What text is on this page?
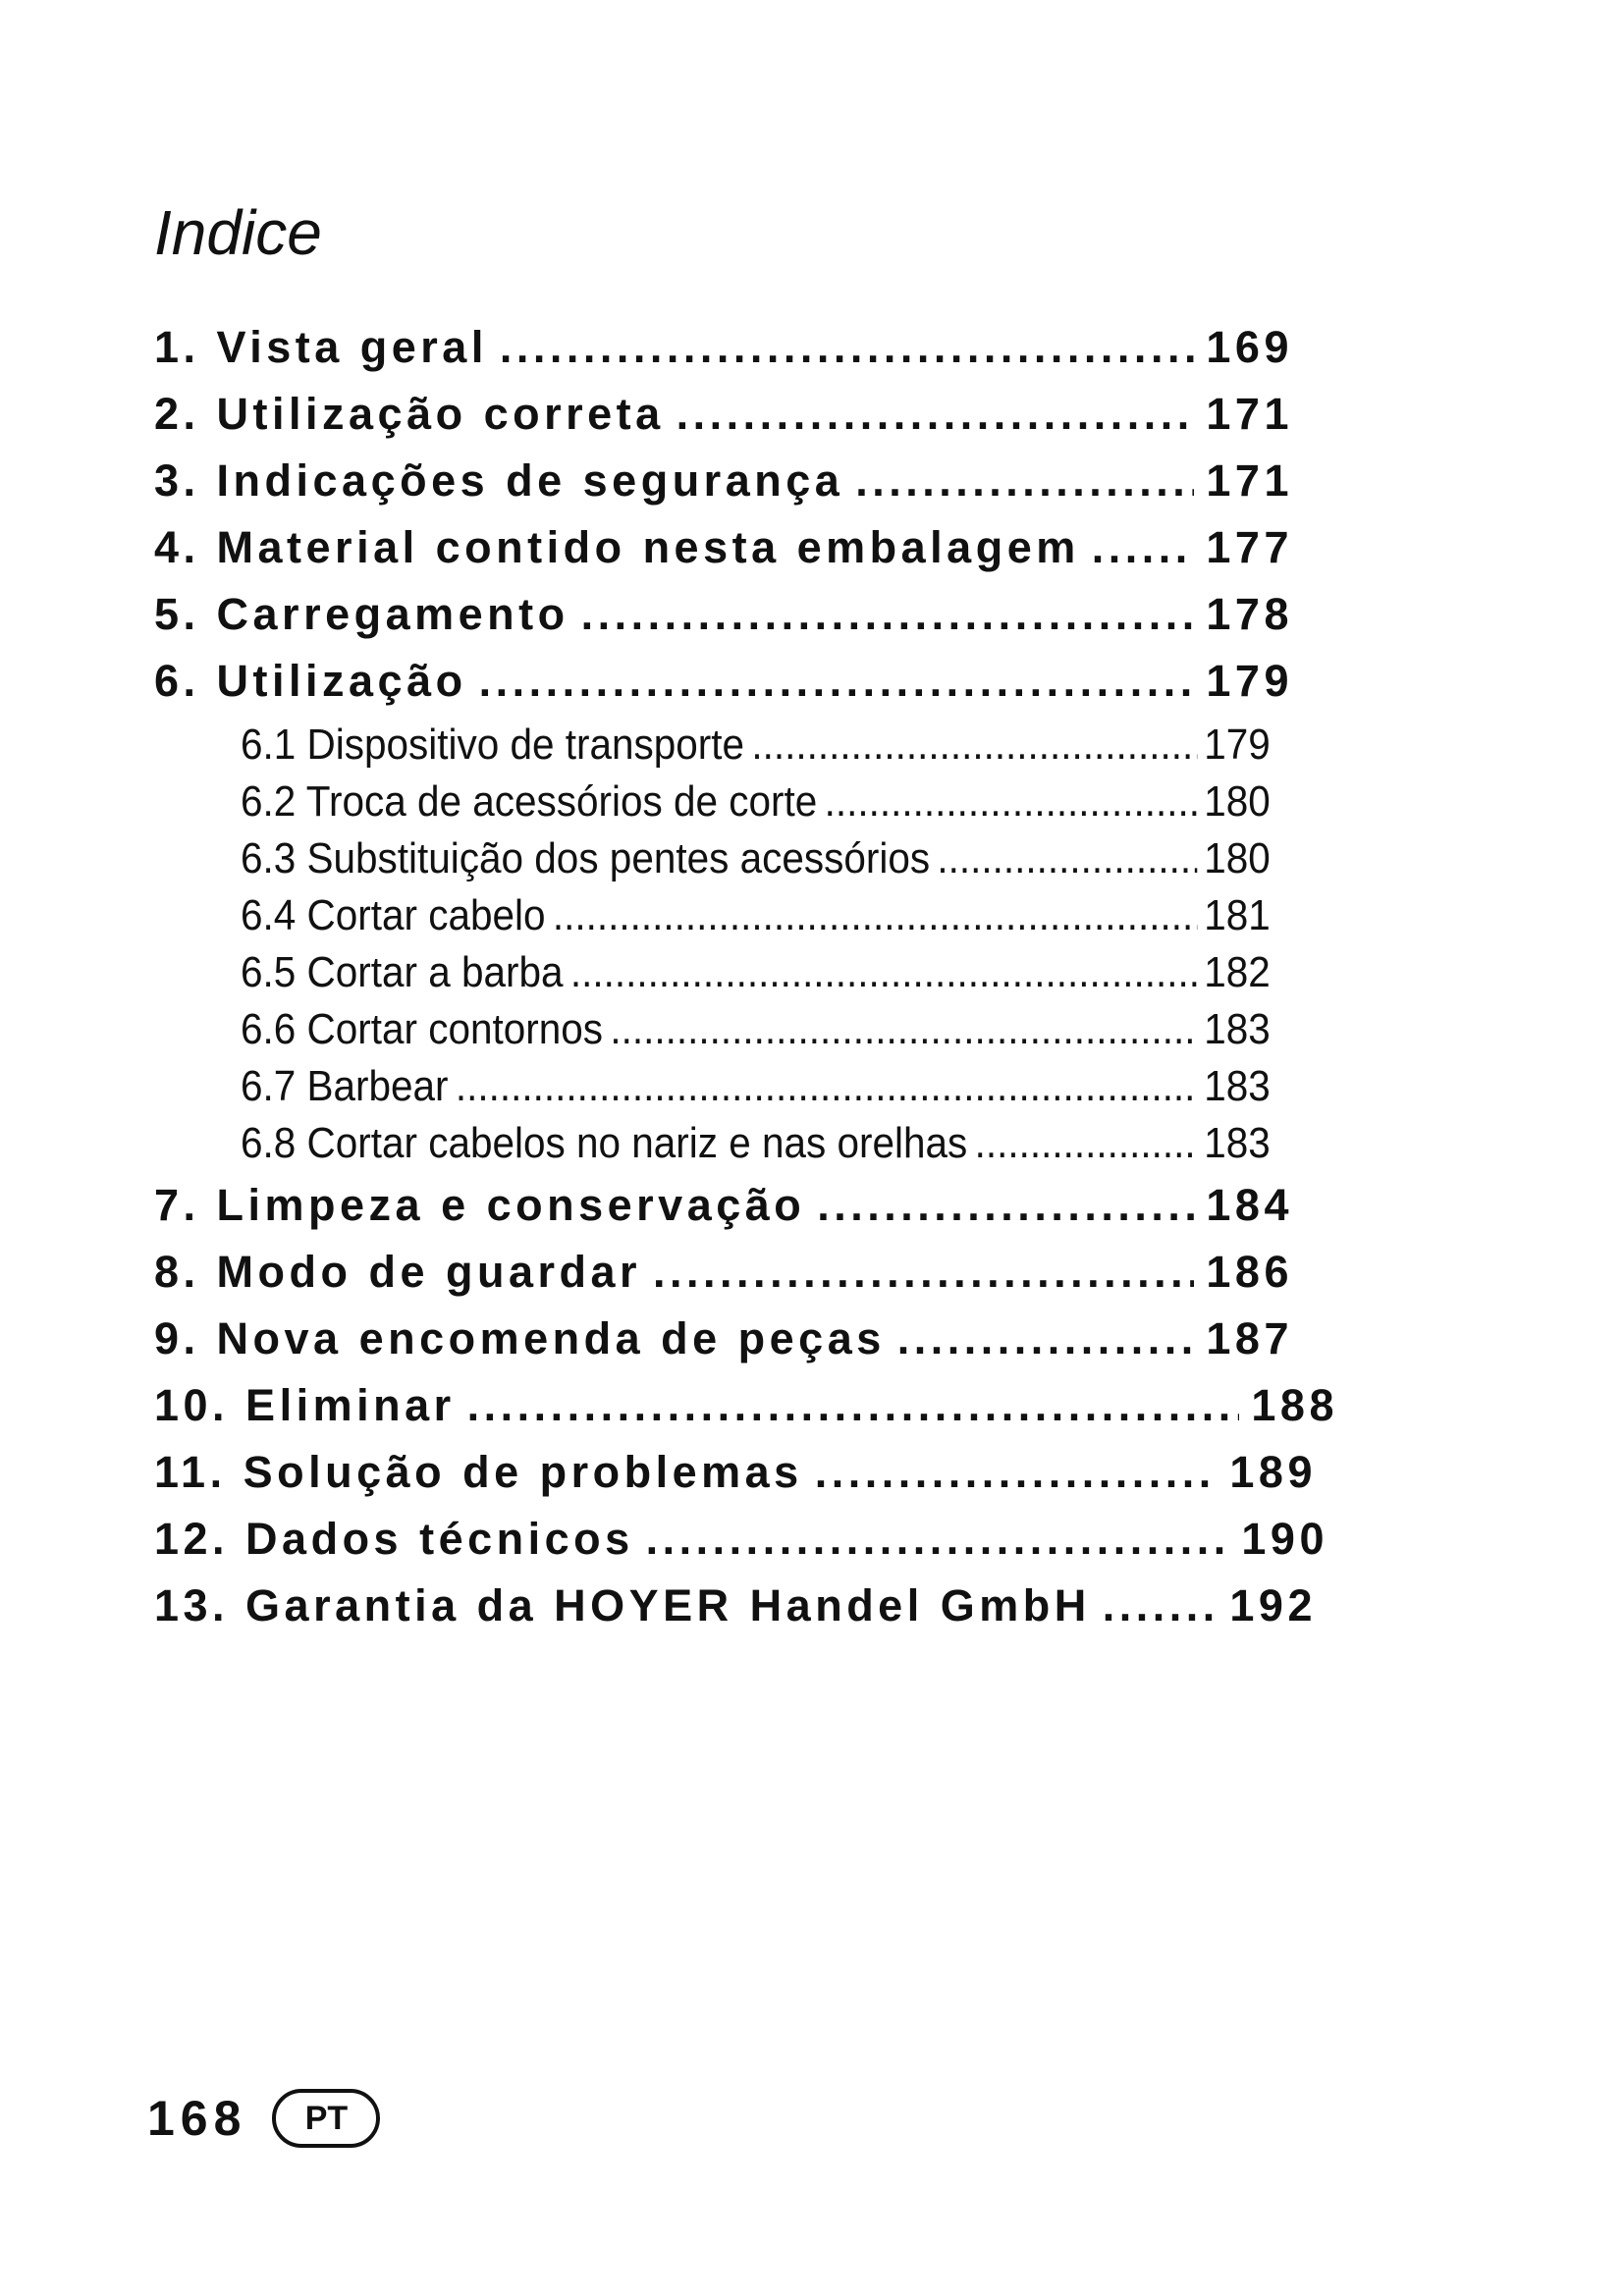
Indice
1. Vista geral .....	169
2. Utilização correta .....	171
3. Indicações de segurança .....	171
4. Material contido nesta embalagem .....	177
5. Carregamento .....	178
6. Utilização .....	179
6.1 Dispositivo de transporte .....	179
6.2 Troca de acessórios de corte .....	180
6.3 Substituição dos pentes acessórios .....	180
6.4 Cortar cabelo .....	181
6.5 Cortar a barba .....	182
6.6 Cortar contornos .....	183
6.7 Barbear .....	183
6.8 Cortar cabelos no nariz e nas orelhas .....	183
7. Limpeza e conservação .....	184
8. Modo de guardar .....	186
9. Nova encomenda de peças .....	187
10. Eliminar .....	188
11. Solução de problemas .....	189
12. Dados técnicos .....	190
13. Garantia da HOYER Handel GmbH .....	192
168	PT
